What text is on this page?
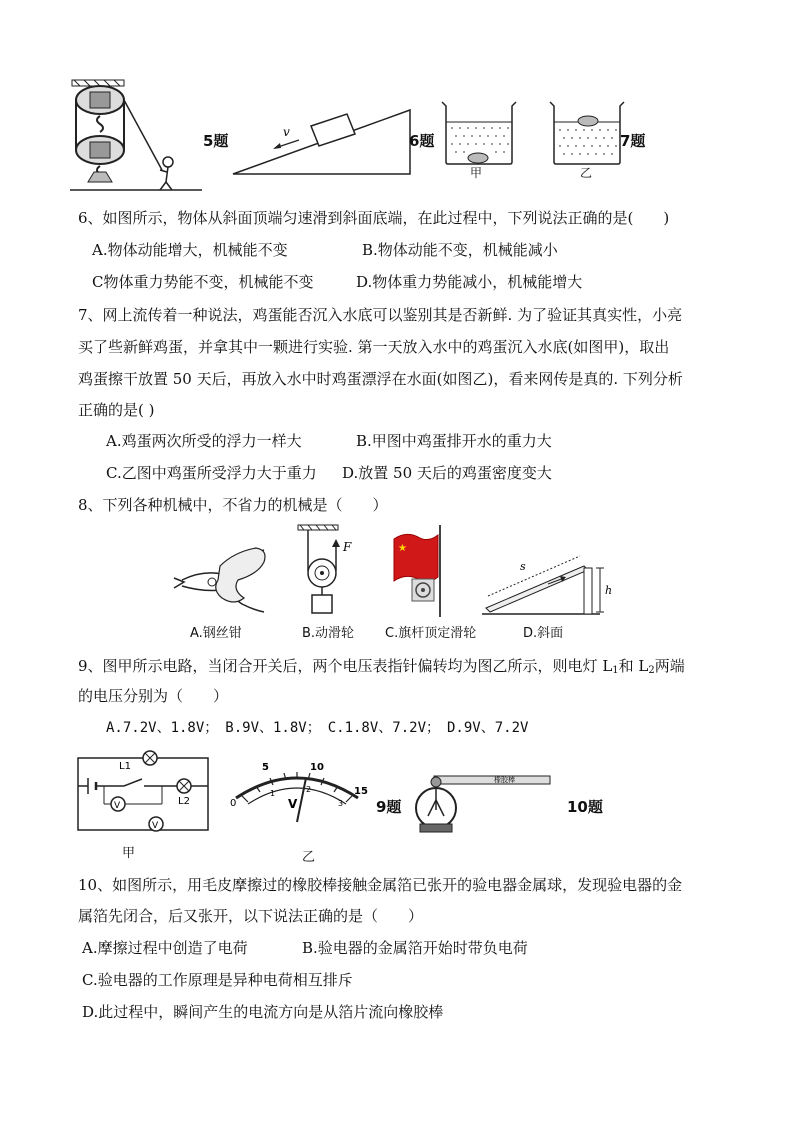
5题	v	6题
甲	乙
7题
6、如图所示，物体从斜面顶端匀速滑到斜面底端，在此过程中，下列说法正确的是(　　)
A.物体动能增大，机械能不变	B.物体动能不变，机械能减小
C物体重力势能不变，机械能不变	D.物体重力势能减小，机械能增大
7、网上流传着一种说法，鸡蛋能否沉入水底可以鉴别其是否新鲜. 为了验证其真实性，小亮
买了些新鲜鸡蛋，并拿其中一颗进行实验. 第一天放入水中的鸡蛋沉入水底(如图甲)，取出
鸡蛋擦干放置 50 天后，再放入水中时鸡蛋漂浮在水面(如图乙)，看来网传是真的. 下列分析
正确的是( )
A.鸡蛋两次所受的浮力一样大	B.甲图中鸡蛋排开水的重力大
C.乙图中鸡蛋所受浮力大于重力 D.放置 50 天后的鸡蛋密度变大
8、下列各种机械中，不省力的机械是（　　）
A.钢丝钳
F
B.动滑轮
★
C.旗杆顶定滑轮
s
h
D.斜面
9、图甲所示电路，当闭合开关后，两个电压表指针偏转均为图乙所示，则电灯 $L_1$和 $L_2$两端
的电压分别为（　　）
A.7.2V、1.8V；　B.9V、1.8V；　C.1.8V、7.2V；　D.9V、7.2V
L1
L2
V
V
甲
0
5	10
15
1	2
3
V
乙
9题
橡胶棒
10题
10、如图所示，用毛皮摩擦过的橡胶棒接触金属箔已张开的验电器金属球，发现验电器的金
属箔先闭合，后又张开，以下说法正确的是（　　）
A.摩擦过程中创造了电荷	B.验电器的金属箔开始时带负电荷
C.验电器的工作原理是异种电荷相互排斥
D.此过程中，瞬间产生的电流方向是从箔片流向橡胶棒
